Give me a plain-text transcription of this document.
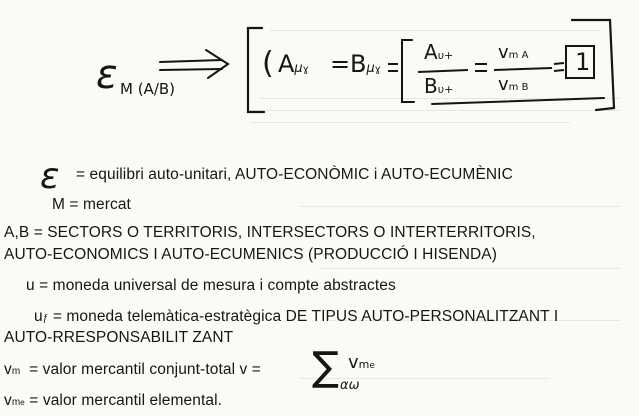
ε M (A/B)
( Aμɣ = Bμɣ
Aυ+
Bυ+
vm A
vm B
1
ε = equilibri auto-unitari, AUTO-ECONÒMIC i AUTO-ECUMÈNIC
M = mercat
A,B = SECTORS O TERRITORIS, INTERSECTORS O INTERTERRITORIS,
AUTO-ECONOMICS I AUTO-ECUMENICS (PRODUCCIÓ I HISENDA)
u = moneda universal de mesura i compte abstractes
uƒ = moneda telemàtica-estratègica DE TIPUS AUTO-PERSONALITZANT I
AUTO-RRESPONSABILIT ZANT
vm = valor mercantil conjunt-total v = ∑ αω
vme
vme = valor mercantil elemental.
